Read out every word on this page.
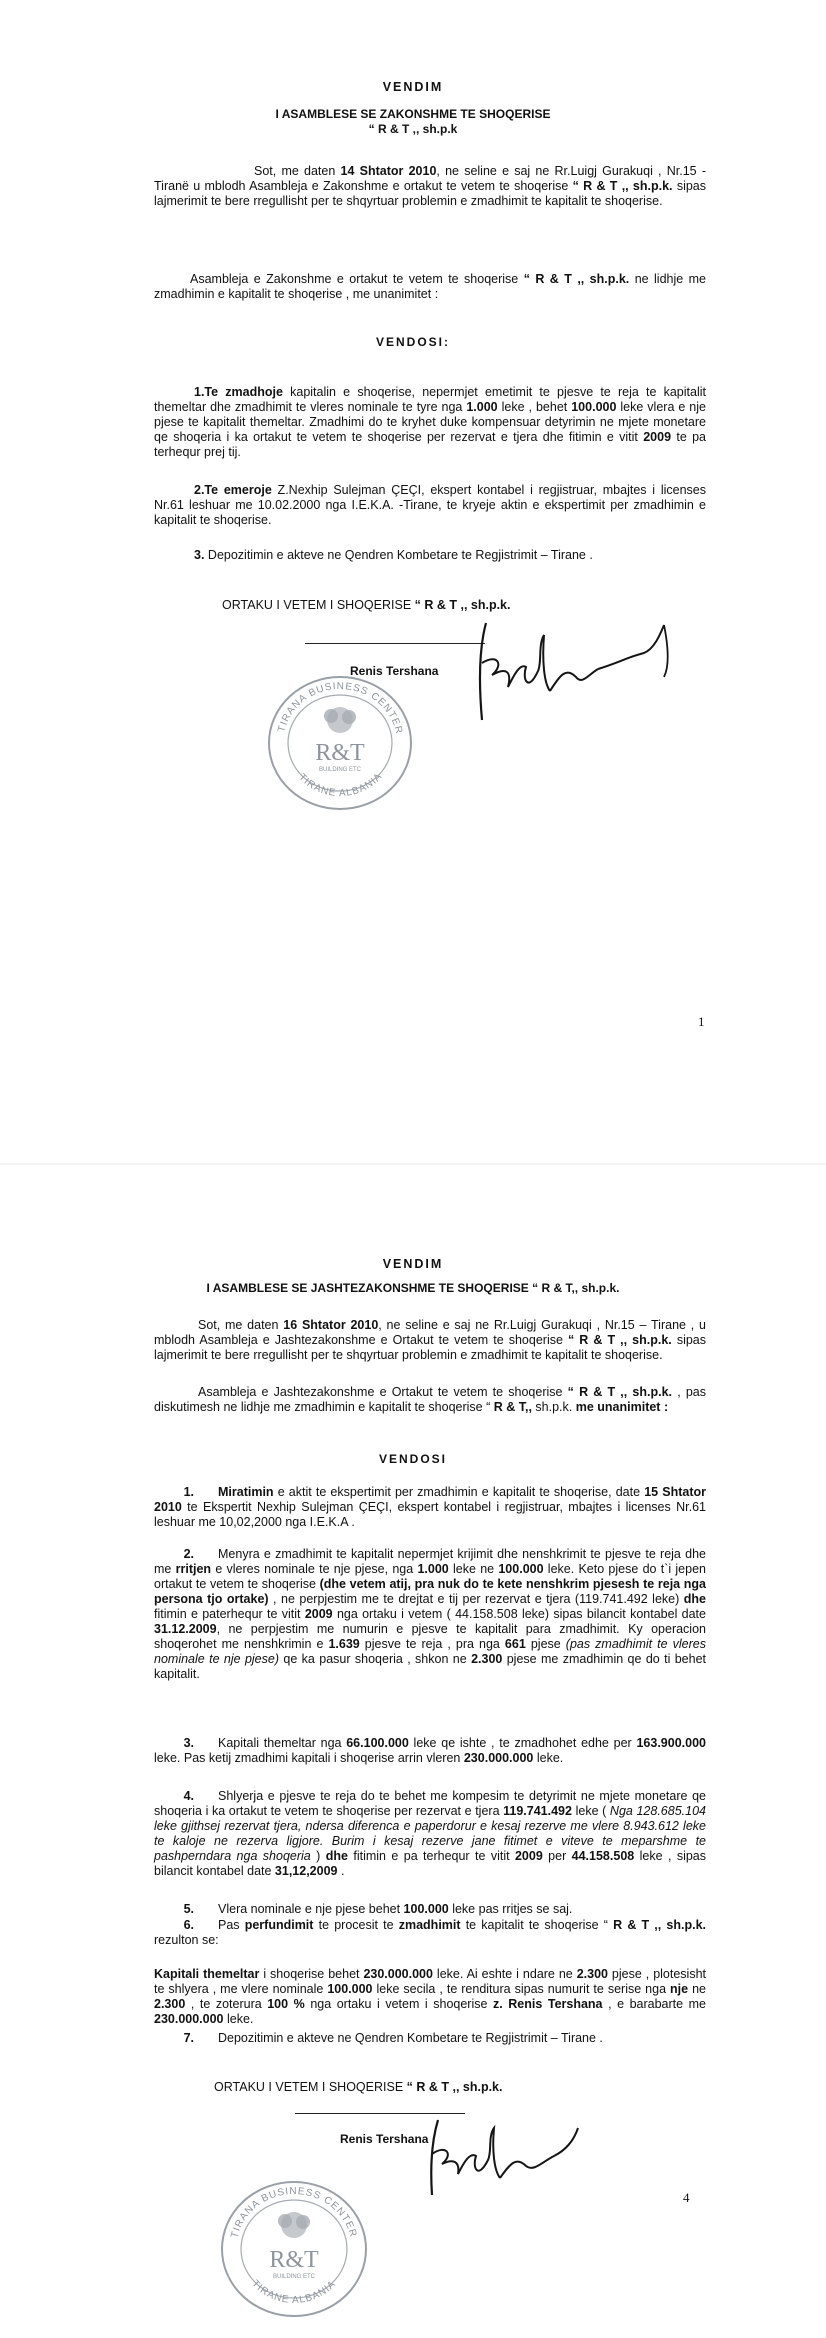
VENDIM
I ASAMBLESE SE ZAKONSHME TE SHOQERISE
“ R & T ,, sh.p.k
Sot, me daten 14 Shtator 2010, ne seline e saj ne Rr.Luigj Gurakuqi , Nr.15 - Tiranë u mblodh Asambleja e Zakonshme e ortakut te vetem te shoqerise “ R & T ,, sh.p.k. sipas lajmerimit te bere rregullisht per te shqyrtuar problemin e zmadhimit te kapitalit te shoqerise.
Asambleja e Zakonshme e ortakut te vetem te shoqerise “ R & T ,, sh.p.k. ne lidhje me zmadhimin e kapitalit te shoqerise , me unanimitet :
VENDOSI:
1.Te zmadhoje kapitalin e shoqerise, nepermjet emetimit te pjesve te reja te kapitalit themeltar dhe zmadhimit te vleres nominale te tyre nga 1.000 leke , behet 100.000 leke vlera e nje pjese te kapitalit themeltar. Zmadhimi do te kryhet duke kompensuar detyrimin ne mjete monetare qe shoqeria i ka ortakut te vetem te shoqerise per rezervat e tjera dhe fitimin e vitit 2009 te pa terhequr prej tij.
2.Te emeroje Z.Nexhip Sulejman ÇEÇI, ekspert kontabel i regjistruar, mbajtes i licenses Nr.61 leshuar me 10.02.2000 nga I.E.K.A. -Tirane, te kryeje aktin e ekspertimit per zmadhimin e kapitalit te shoqerise.
3. Depozitimin e akteve ne Qendren Kombetare te Regjistrimit – Tirane .
ORTAKU I VETEM I SHOQERISE “ R & T ,, sh.p.k.
Renis Tershana
TIRANA BUSINESS CENTER
TIRANE ALBANIA
R&T
BUILDING ETC
1
VENDIM
I ASAMBLESE SE JASHTEZAKONSHME TE SHOQERISE “ R & T,, sh.p.k.
Sot, me daten 16 Shtator 2010, ne seline e saj ne Rr.Luigj Gurakuqi , Nr.15 – Tirane , u mblodh Asambleja e Jashtezakonshme e Ortakut te vetem te shoqerise “ R & T ,, sh.p.k. sipas lajmerimit te bere rregullisht per te shqyrtuar problemin e zmadhimit te kapitalit te shoqerise.
Asambleja e Jashtezakonshme e Ortakut te vetem te shoqerise “ R & T ,, sh.p.k. , pas diskutimesh ne lidhje me zmadhimin e kapitalit te shoqerise “ R & T,, sh.p.k. me unanimitet :
VENDOSI
1. Miratimin e aktit te ekspertimit per zmadhimin e kapitalit te shoqerise, date 15 Shtator 2010 te Ekspertit Nexhip Sulejman ÇEÇI, ekspert kontabel i regjistruar, mbajtes i licenses Nr.61 leshuar me 10,02,2000 nga I.E.K.A .
2. Menyra e zmadhimit te kapitalit nepermjet krijimit dhe nenshkrimit te pjesve te reja dhe me rritjen e vleres nominale te nje pjese, nga 1.000 leke ne 100.000 leke. Keto pjese do t`i jepen ortakut te vetem te shoqerise (dhe vetem atij, pra nuk do te kete nenshkrim pjesesh te reja nga persona tjo ortake) , ne perpjestim me te drejtat e tij per rezervat e tjera (119.741.492 leke) dhe fitimin e paterhequr te vitit 2009 nga ortaku i vetem ( 44.158.508 leke) sipas bilancit kontabel date 31.12.2009, ne perpjestim me numurin e pjesve te kapitalit para zmadhimit. Ky operacion shoqerohet me nenshkrimin e 1.639 pjesve te reja , pra nga 661 pjese (pas zmadhimit te vleres nominale te nje pjese) qe ka pasur shoqeria , shkon ne 2.300 pjese me zmadhimin qe do ti behet kapitalit.
3. Kapitali themeltar nga 66.100.000 leke qe ishte , te zmadhohet edhe per 163.900.000 leke. Pas ketij zmadhimi kapitali i shoqerise arrin vleren 230.000.000 leke.
4. Shlyerja e pjesve te reja do te behet me kompesim te detyrimit ne mjete monetare qe shoqeria i ka ortakut te vetem te shoqerise per rezervat e tjera 119.741.492 leke ( Nga 128.685.104 leke gjithsej rezervat tjera, ndersa diferenca e paperdorur e kesaj rezerve me vlere 8.943.612 leke te kaloje ne rezerva ligjore. Burim i kesaj rezerve jane fitimet e viteve te meparshme te pashperndara nga shoqeria ) dhe fitimin e pa terhequr te vitit 2009 per 44.158.508 leke , sipas bilancit kontabel date 31,12,2009 .
5. Vlera nominale e nje pjese behet 100.000 leke pas rritjes se saj.
6. Pas perfundimit te procesit te zmadhimit te kapitalit te shoqerise “ R & T ,, sh.p.k. rezulton se:
Kapitali themeltar i shoqerise behet 230.000.000 leke. Ai eshte i ndare ne 2.300 pjese , plotesisht te shlyera , me vlere nominale 100.000 leke secila , te renditura sipas numurit te serise nga nje ne 2.300 , te zoterura 100 % nga ortaku i vetem i shoqerise z. Renis Tershana , e barabarte me 230.000.000 leke.
7. Depozitimin e akteve ne Qendren Kombetare te Regjistrimit – Tirane .
ORTAKU I VETEM I SHOQERISE “ R & T ,, sh.p.k.
Renis Tershana
TIRANA BUSINESS CENTER
TIRANE ALBANIA
R&T
BUILDING ETC
4
